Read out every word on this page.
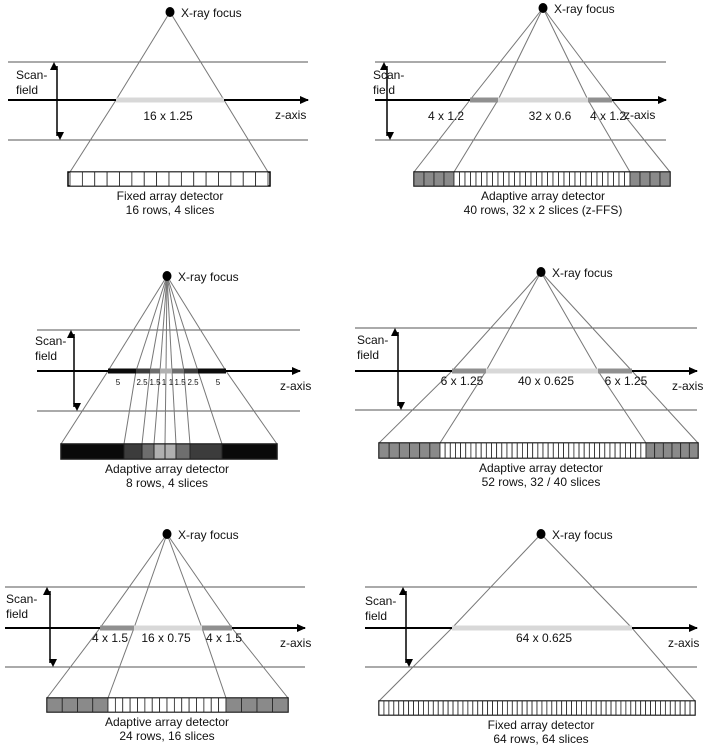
X-ray focus
Scan-
field
z-axis
16 x 1.25
Fixed array detector
16 rows, 4 slices
X-ray focus
Scan-
field
z-axis
4 x 1.2	32 x 0.6 4 x 1.2
Adaptive array detector
40 rows, 32 x 2 slices (z-FFS)
X-ray focus
Scan-
field
z-axis
5 2.5 1.5 1 1 1.5 2.5 5
Adaptive array detector
8 rows, 4 slices
X-ray focus
Scan-
field
z-axis
6 x 1.25	40 x 0.625	6 x 1.25
Adaptive array detector
52 rows, 32 / 40 slices
X-ray focus
Scan-
field
z-axis
4 x 1.5 16 x 0.75 4 x 1.5
Adaptive array detector
24 rows, 16 slices
X-ray focus
Scan-
field
z-axis
64 x 0.625
Fixed array detector
64 rows, 64 slices
